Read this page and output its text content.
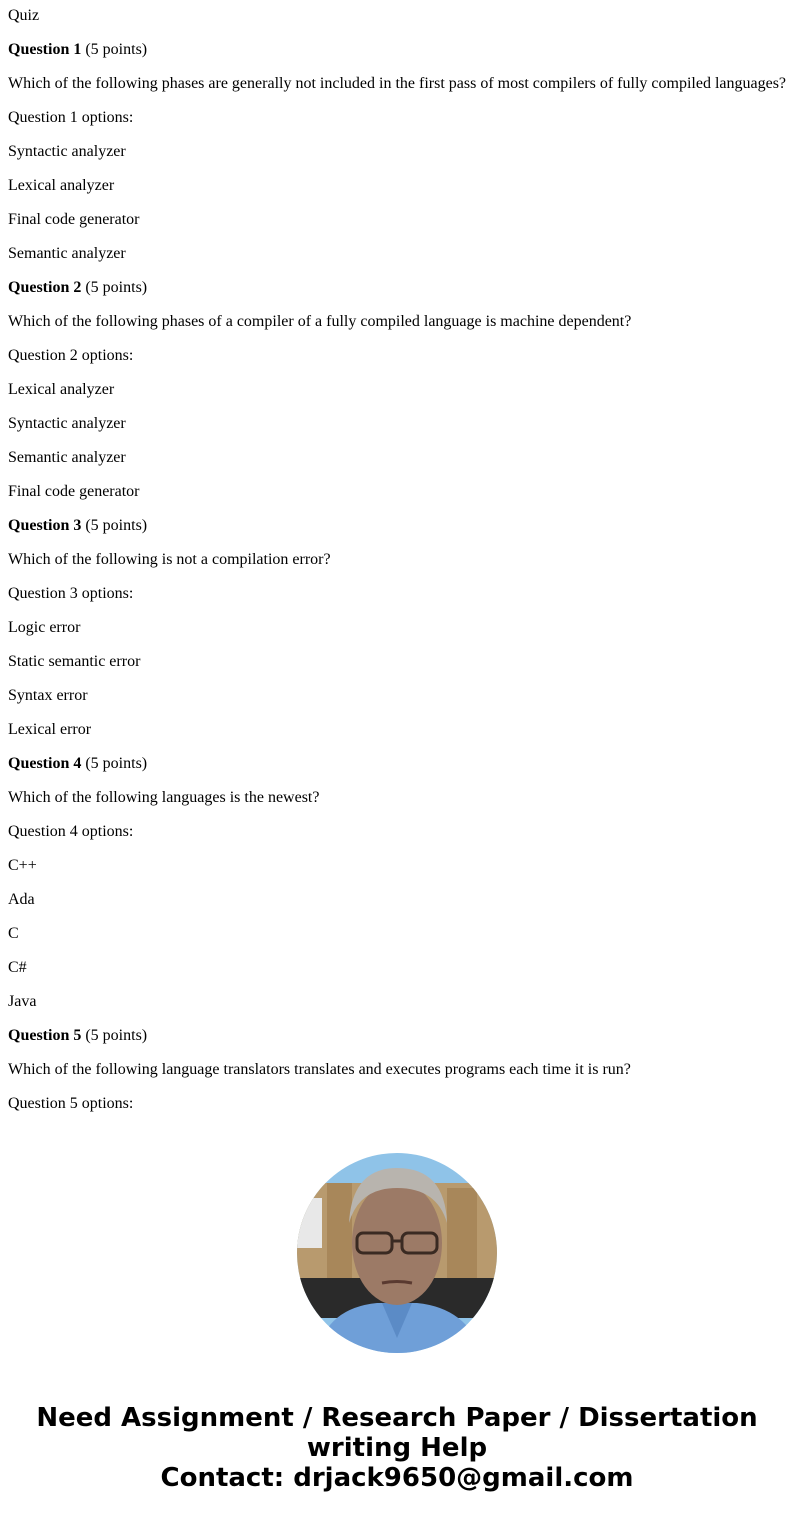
Quiz

Question 1 (5 points)

Which of the following phases are generally not included in the first pass of most compilers of fully compiled languages?

Question 1 options:

Syntactic analyzer

Lexical analyzer

Final code generator

Semantic analyzer

Question 2 (5 points)

Which of the following phases of a compiler of a fully compiled language is machine dependent?

Question 2 options:

Lexical analyzer

Syntactic analyzer

Semantic analyzer

Final code generator

Question 3 (5 points)

Which of the following is not a compilation error?

Question 3 options:

Logic error

Static semantic error

Syntax error

Lexical error

Question 4 (5 points)

Which of the following languages is the newest?

Question 4 options:

C++

Ada

C

C#

Java

Question 5 (5 points)

Which of the following language translators translates and executes programs each time it is run?

Question 5 options:

Need Assignment / Research Paper / Dissertation
writing Help
Contact: drjack9650@gmail.com
